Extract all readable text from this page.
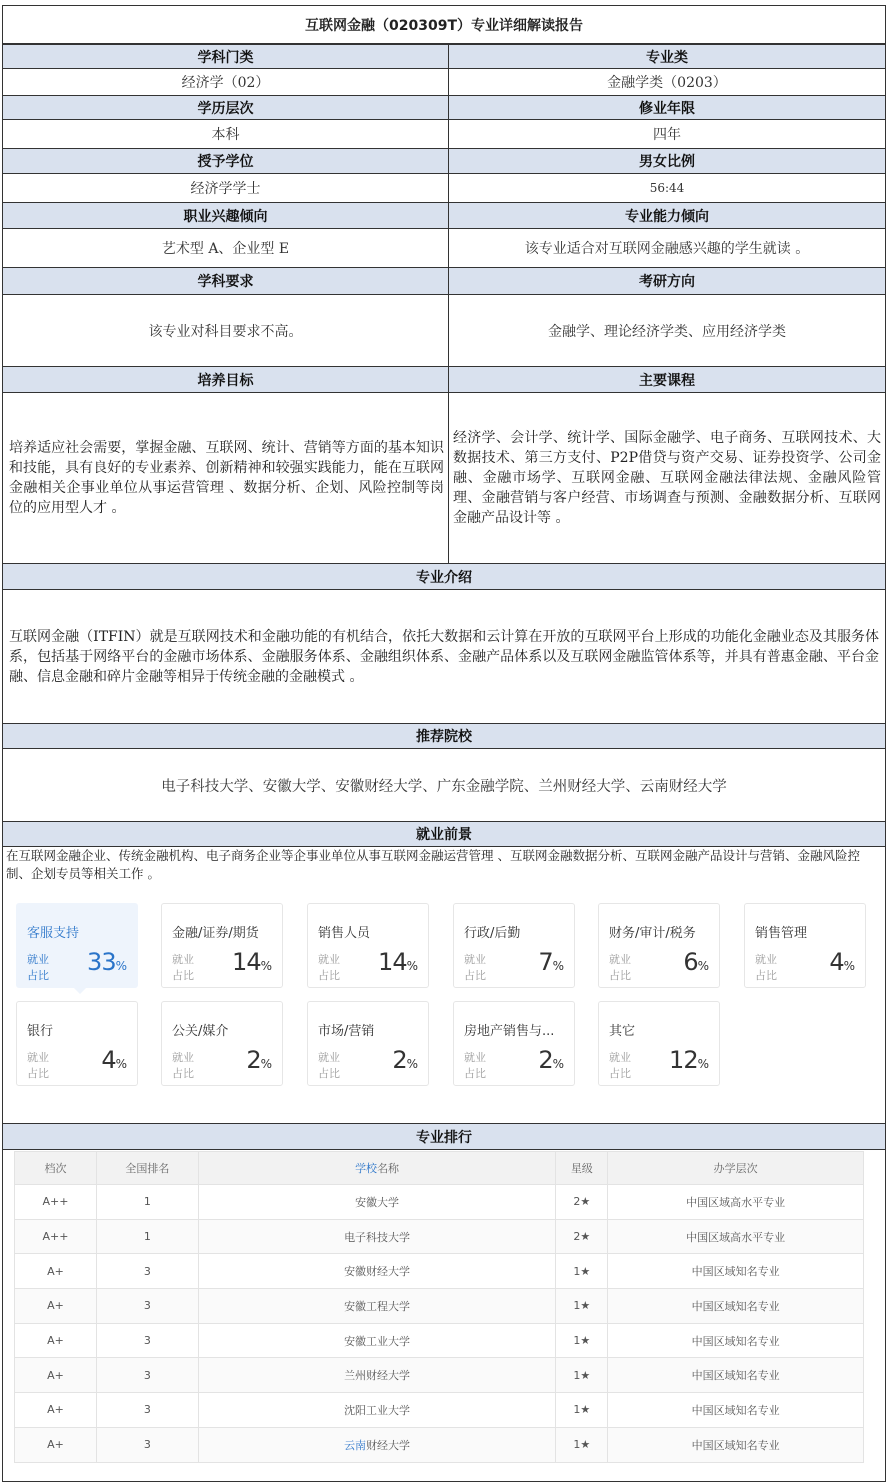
互联网金融（020309T）专业详细解读报告
学科门类	专业类
经济学（02）	金融学类（0203）
学历层次	修业年限
本科	四年
授予学位	男女比例
经济学学士	56:44
职业兴趣倾向	专业能力倾向
艺术型 A、企业型 E	该专业适合对互联网金融感兴趣的学生就读 。
学科要求	考研方向
该专业对科目要求不高。	金融学、理论经济学类、应用经济学类
培养目标	主要课程
培养适应社会需要，掌握金融、互联网、统计、营销等方面的基本知识和技能，具有良好的专业素养、创新精神和较强实践能力，能在互联网金融相关企事业单位从事运营管理 、数据分析、企划、风险控制等岗位的应用型人才 。
经济学、会计学、统计学、国际金融学、电子商务、互联网技术、大数据技术、第三方支付、P2P借贷与资产交易、证券投资学、公司金融、金融市场学、互联网金融、互联网金融法律法规、金融风险管理、金融营销与客户经营、市场调查与预测、金融数据分析、互联网金融产品设计等 。
专业介绍
互联网金融（ITFIN）就是互联网技术和金融功能的有机结合，依托大数据和云计算在开放的互联网平台上形成的功能化金融业态及其服务体系，包括基于网络平台的金融市场体系、金融服务体系、金融组织体系、金融产品体系以及互联网金融监管体系等，并具有普惠金融、平台金融、信息金融和碎片金融等相异于传统金融的金融模式 。
推荐院校
电子科技大学、安徽大学、安徽财经大学、广东金融学院、兰州财经大学、云南财经大学
就业前景
在互联网金融企业、传统金融机构、电子商务企业等企事业单位从事互联网金融运营管理 、互联网金融数据分析、互联网金融产品设计与营销、金融风险控制、企划专员等相关工作 。
客服支持
就业
占比	33%
金融/证券/期货
就业
占比	14%
销售人员
就业
占比	14%
行政/后勤
就业
占比	7%
财务/审计/税务
就业
占比	6%
销售管理
就业
占比	4%
银行
就业
占比	4%
公关/媒介
就业
占比	2%
市场/营销
就业
占比	2%
房地产销售与...
就业
占比	2%
其它
就业
占比	12%
专业排行
档次	全国排名	学校名称	星级	办学层次
A++	1	安徽大学	2★	中国区域高水平专业
A++	1	电子科技大学	2★	中国区域高水平专业
A+	3	安徽财经大学	1★	中国区域知名专业
A+	3	安徽工程大学	1★	中国区域知名专业
A+	3	安徽工业大学	1★	中国区域知名专业
A+	3	兰州财经大学	1★	中国区域知名专业
A+	3	沈阳工业大学	1★	中国区域知名专业
A+	3	云南财经大学	1★	中国区域知名专业
